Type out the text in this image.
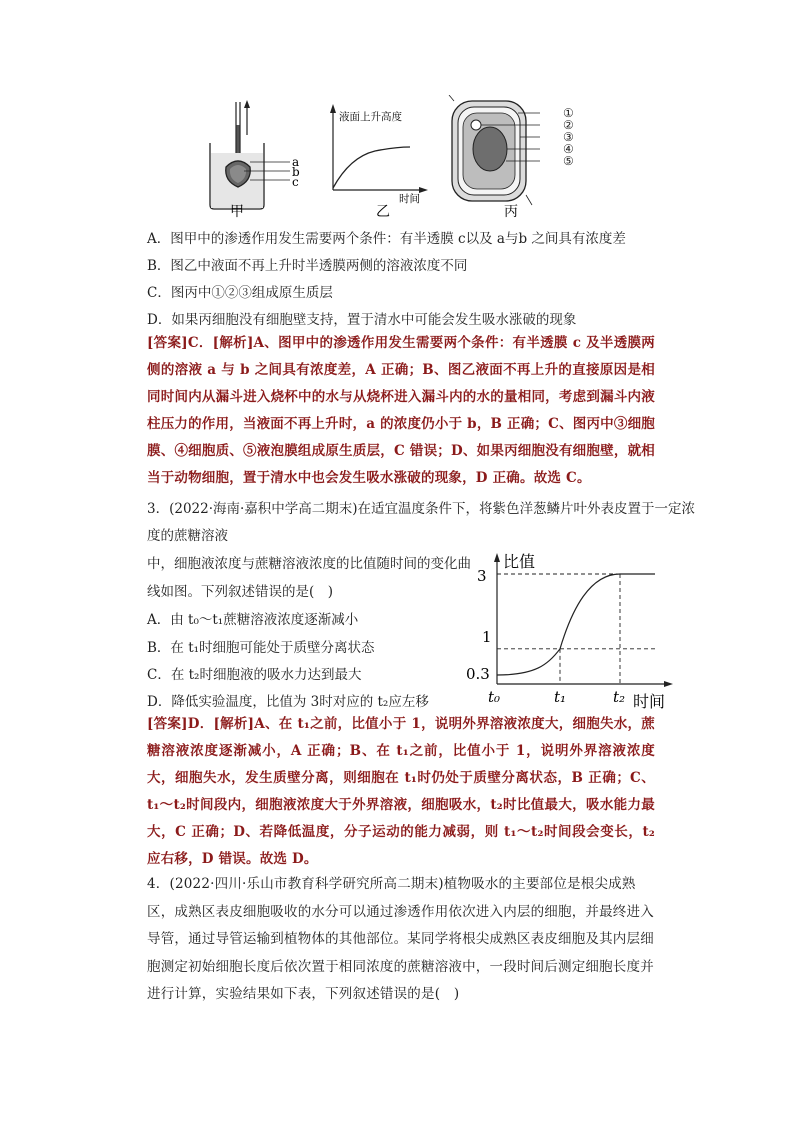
a
b
c
甲
液面上升高度
时间
乙	丙
①
②
③
④
⑤
A．图甲中的渗透作用发生需要两个条件：有半透膜 c以及 a与b 之间具有浓度差
B．图乙中液面不再上升时半透膜两侧的溶液浓度不同
C．图丙中①②③组成原生质层
D．如果丙细胞没有细胞壁支持，置于清水中可能会发生吸水涨破的现象
[答案]C．[解析]A、图甲中的渗透作用发生需要两个条件：有半透膜 c 及半透膜两侧的溶液 a 与 b 之间具有浓度差，A 正确；B、图乙液面不再上升的直接原因是相同时间内从漏斗进入烧杯中的水与从烧杯进入漏斗内的水的量相同，考虑到漏斗内液柱压力的作用，当液面不再上升时，a 的浓度仍小于 b，B 正确；C、图丙中③细胞膜、④细胞质、⑤液泡膜组成原生质层，C 错误；D、如果丙细胞没有细胞壁，就相当于动物细胞，置于清水中也会发生吸水涨破的现象，D 正确。故选 C。
3．(2022·海南·嘉积中学高二期末)在适宜温度条件下，将紫色洋葱鳞片叶外表皮置于一定浓
度的蔗糖溶液
中，细胞液浓度与蔗糖溶液浓度的比值随时间的变化曲
线如图。下列叙述错误的是(　)
A．由 t₀～t₁蔗糖溶液浓度逐渐减小
B．在 t₁时细胞可能处于质壁分离状态
C．在 t₂时细胞液的吸水力达到最大
D．降低实验温度，比值为 3时对应的 t₂应左移
比值
时间
3
1
0.3
t₀	t₁	t₂
[答案]D．[解析]A、在 t₁之前，比值小于 1，说明外界溶液浓度大，细胞失水，蔗糖溶液浓度逐渐减小，A 正确；B、在 t₁之前，比值小于 1，说明外界溶液浓度大，细胞失水，发生质壁分离，则细胞在 t₁时仍处于质壁分离状态，B 正确；C、t₁～t₂时间段内，细胞液浓度大于外界溶液，细胞吸水，t₂时比值最大，吸水能力最大，C 正确；D、若降低温度，分子运动的能力减弱，则 t₁～t₂时间段会变长，t₂应右移，D 错误。故选 D。
4．(2022·四川·乐山市教育科学研究所高二期末)植物吸水的主要部位是根尖成熟区，成熟区表皮细胞吸收的水分可以通过渗透作用依次进入内层的细胞，并最终进入导管，通过导管运输到植物体的其他部位。某同学将根尖成熟区表皮细胞及其内层细胞测定初始细胞长度后依次置于相同浓度的蔗糖溶液中，一段时间后测定细胞长度并进行计算，实验结果如下表，下列叙述错误的是(　)
